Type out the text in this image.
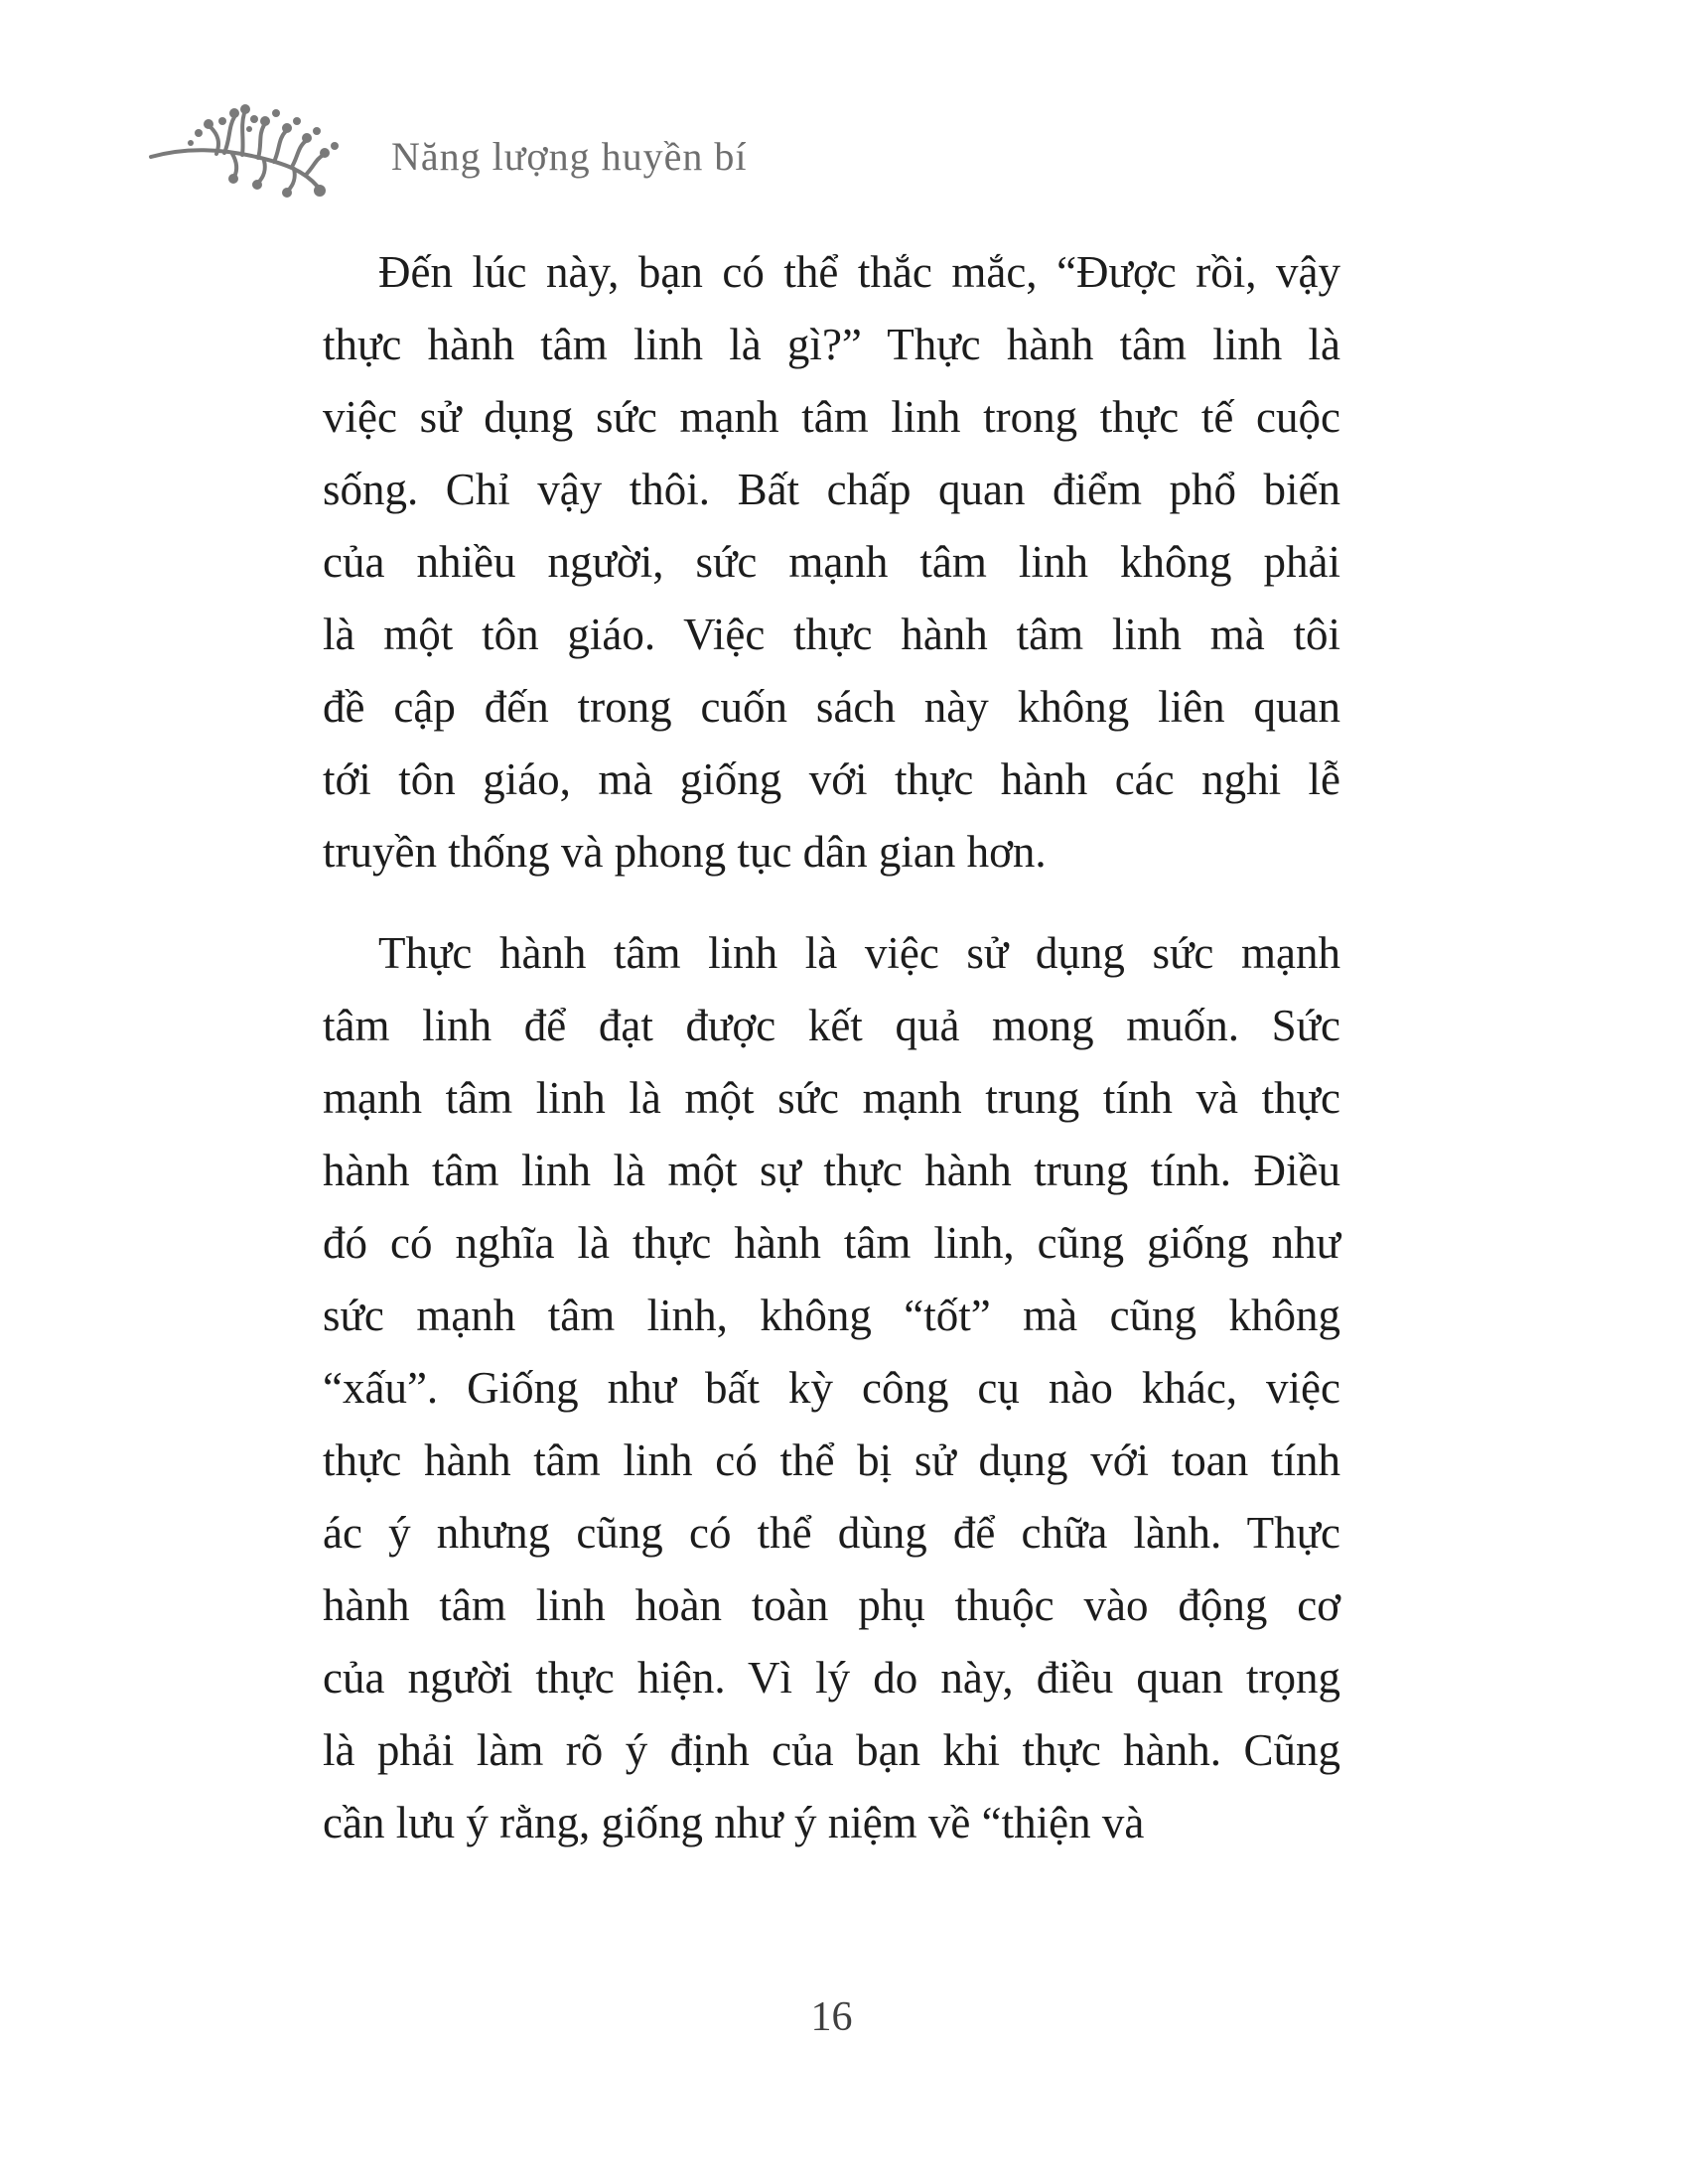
Năng lượng huyền bí
Đến lúc này, bạn có thể thắc mắc, “Được rồi, vậy
thực hành tâm linh là gì?” Thực hành tâm linh là
việc sử dụng sức mạnh tâm linh trong thực tế cuộc
sống. Chỉ vậy thôi. Bất chấp quan điểm phổ biến
của nhiều người, sức mạnh tâm linh không phải
là một tôn giáo. Việc thực hành tâm linh mà tôi
đề cập đến trong cuốn sách này không liên quan
tới tôn giáo, mà giống với thực hành các nghi lễ
truyền thống và phong tục dân gian hơn.
Thực hành tâm linh là việc sử dụng sức mạnh
tâm linh để đạt được kết quả mong muốn. Sức
mạnh tâm linh là một sức mạnh trung tính và thực
hành tâm linh là một sự thực hành trung tính. Điều
đó có nghĩa là thực hành tâm linh, cũng giống như
sức mạnh tâm linh, không “tốt” mà cũng không
“xấu”. Giống như bất kỳ công cụ nào khác, việc
thực hành tâm linh có thể bị sử dụng với toan tính
ác ý nhưng cũng có thể dùng để chữa lành. Thực
hành tâm linh hoàn toàn phụ thuộc vào động cơ
của người thực hiện. Vì lý do này, điều quan trọng
là phải làm rõ ý định của bạn khi thực hành. Cũng
cần lưu ý rằng, giống như ý niệm về “thiện và
16
